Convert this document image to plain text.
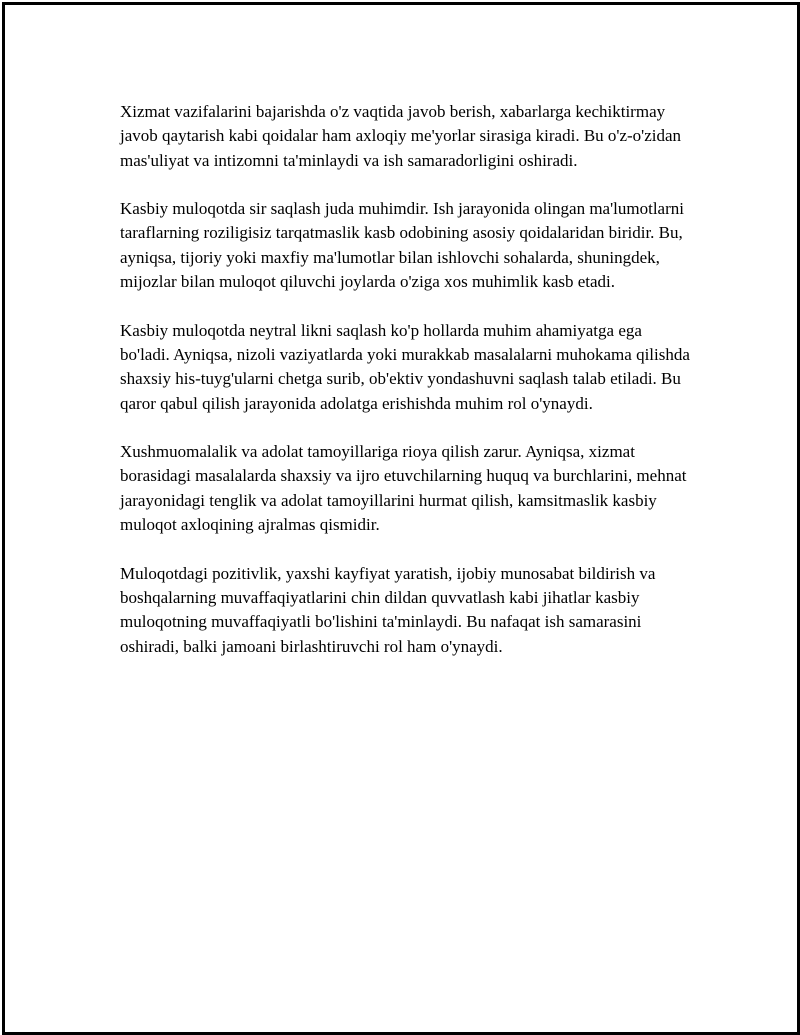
Xizmat vazifalarini bajarishda o'z vaqtida javob berish, xabarlarga kechiktirmay javob qaytarish kabi qoidalar ham axloqiy me'yorlar sirasiga kiradi. Bu o'z-o'zidan mas'uliyat va intizomni ta'minlaydi va ish samaradorligini oshiradi.

Kasbiy muloqotda sir saqlash juda muhimdir. Ish jarayonida olingan ma'lumotlarni taraflarning roziligisiz tarqatmaslik kasb odobining asosiy qoidalaridan biridir. Bu, ayniqsa, tijoriy yoki maxfiy ma'lumotlar bilan ishlovchi sohalarda, shuningdek, mijozlar bilan muloqot qiluvchi joylarda o'ziga xos muhimlik kasb etadi.

Kasbiy muloqotda neytral likni saqlash ko'p hollarda muhim ahamiyatga ega bo'ladi. Ayniqsa, nizoli vaziyatlarda yoki murakkab masalalarni muhokama qilishda shaxsiy his-tuyg'ularni chetga surib, ob'ektiv yondashuvni saqlash talab etiladi. Bu qaror qabul qilish jarayonida adolatga erishishda muhim rol o'ynaydi.

Xushmuomalalik va adolat tamoyillariga rioya qilish zarur. Ayniqsa, xizmat borasidagi masalalarda shaxsiy va ijro etuvchilarning huquq va burchlarini, mehnat jarayonidagi tenglik va adolat tamoyillarini hurmat qilish, kamsitmaslik kasbiy muloqot axloqining ajralmas qismidir.

Muloqotdagi pozitivlik, yaxshi kayfiyat yaratish, ijobiy munosabat bildirish va boshqalarning muvaffaqiyatlarini chin dildan quvvatlash kabi jihatlar kasbiy muloqotning muvaffaqiyatli bo'lishini ta'minlaydi. Bu nafaqat ish samarasini oshiradi, balki jamoani birlashtiruvchi rol ham o'ynaydi.
